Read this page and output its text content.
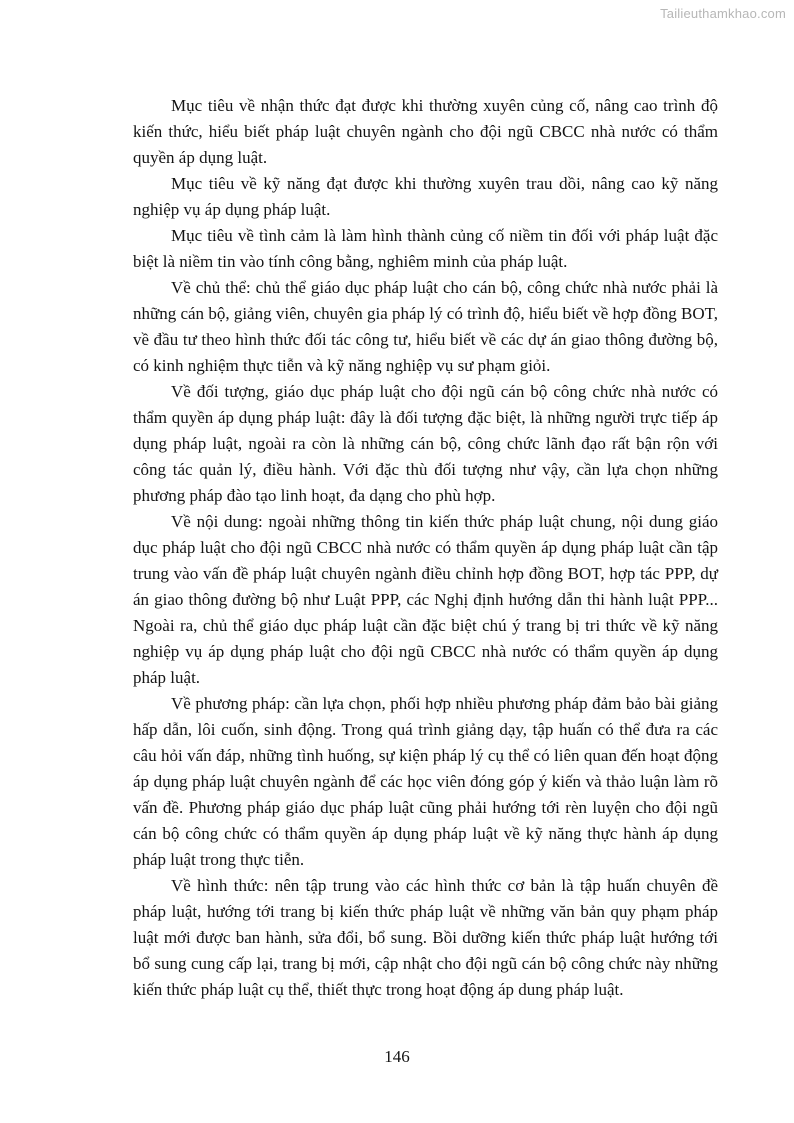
Tailieuthamkhao.com

Mục tiêu về nhận thức đạt được khi thường xuyên củng cố, nâng cao trình độ kiến thức, hiểu biết pháp luật chuyên ngành cho đội ngũ CBCC nhà nước có thẩm quyền áp dụng luật.

Mục tiêu về kỹ năng đạt được khi thường xuyên trau dồi, nâng cao kỹ năng nghiệp vụ áp dụng pháp luật.

Mục tiêu về tình cảm là làm hình thành củng cố niềm tin đối với pháp luật đặc biệt là niềm tin vào tính công bằng, nghiêm minh của pháp luật.

Về chủ thể: chủ thể giáo dục pháp luật cho cán bộ, công chức nhà nước phải là những cán bộ, giảng viên, chuyên gia pháp lý có trình độ, hiểu biết về hợp đồng BOT, về đầu tư theo hình thức đối tác công tư, hiểu biết về các dự án giao thông đường bộ, có kinh nghiệm thực tiễn và kỹ năng nghiệp vụ sư phạm giỏi.

Về đối tượng, giáo dục pháp luật cho đội ngũ cán bộ công chức nhà nước có thẩm quyền áp dụng pháp luật: đây là đối tượng đặc biệt, là những người trực tiếp áp dụng pháp luật, ngoài ra còn là những cán bộ, công chức lãnh đạo rất bận rộn với công tác quản lý, điều hành. Với đặc thù đối tượng như vậy, cần lựa chọn những phương pháp đào tạo linh hoạt, đa dạng cho phù hợp.

Về nội dung: ngoài những thông tin kiến thức pháp luật chung, nội dung giáo dục pháp luật cho đội ngũ CBCC nhà nước có thẩm quyền áp dụng pháp luật cần tập trung vào vấn đề pháp luật chuyên ngành điều chỉnh hợp đồng BOT, hợp tác PPP, dự án giao thông đường bộ như Luật PPP, các Nghị định hướng dẫn thi hành luật PPP... Ngoài ra, chủ thể giáo dục pháp luật cần đặc biệt chú ý trang bị tri thức về kỹ năng nghiệp vụ áp dụng pháp luật cho đội ngũ CBCC nhà nước có thẩm quyền áp dụng pháp luật.

Về phương pháp: cần lựa chọn, phối hợp nhiều phương pháp đảm bảo bài giảng hấp dẫn, lôi cuốn, sinh động. Trong quá trình giảng dạy, tập huấn có thể đưa ra các câu hỏi vấn đáp, những tình huống, sự kiện pháp lý cụ thể có liên quan đến hoạt động áp dụng pháp luật chuyên ngành để các học viên đóng góp ý kiến và thảo luận làm rõ vấn đề. Phương pháp giáo dục pháp luật cũng phải hướng tới rèn luyện cho đội ngũ cán bộ công chức có thẩm quyền áp dụng pháp luật về kỹ năng thực hành áp dụng pháp luật trong thực tiễn.

Về hình thức: nên tập trung vào các hình thức cơ bản là tập huấn chuyên đề pháp luật, hướng tới trang bị kiến thức pháp luật về những văn bản quy phạm pháp luật mới được ban hành, sửa đổi, bổ sung. Bồi dưỡng kiến thức pháp luật hướng tới bổ sung cung cấp lại, trang bị mới, cập nhật cho đội ngũ cán bộ công chức này những kiến thức pháp luật cụ thể, thiết thực trong hoạt động áp dung pháp luật.

146
